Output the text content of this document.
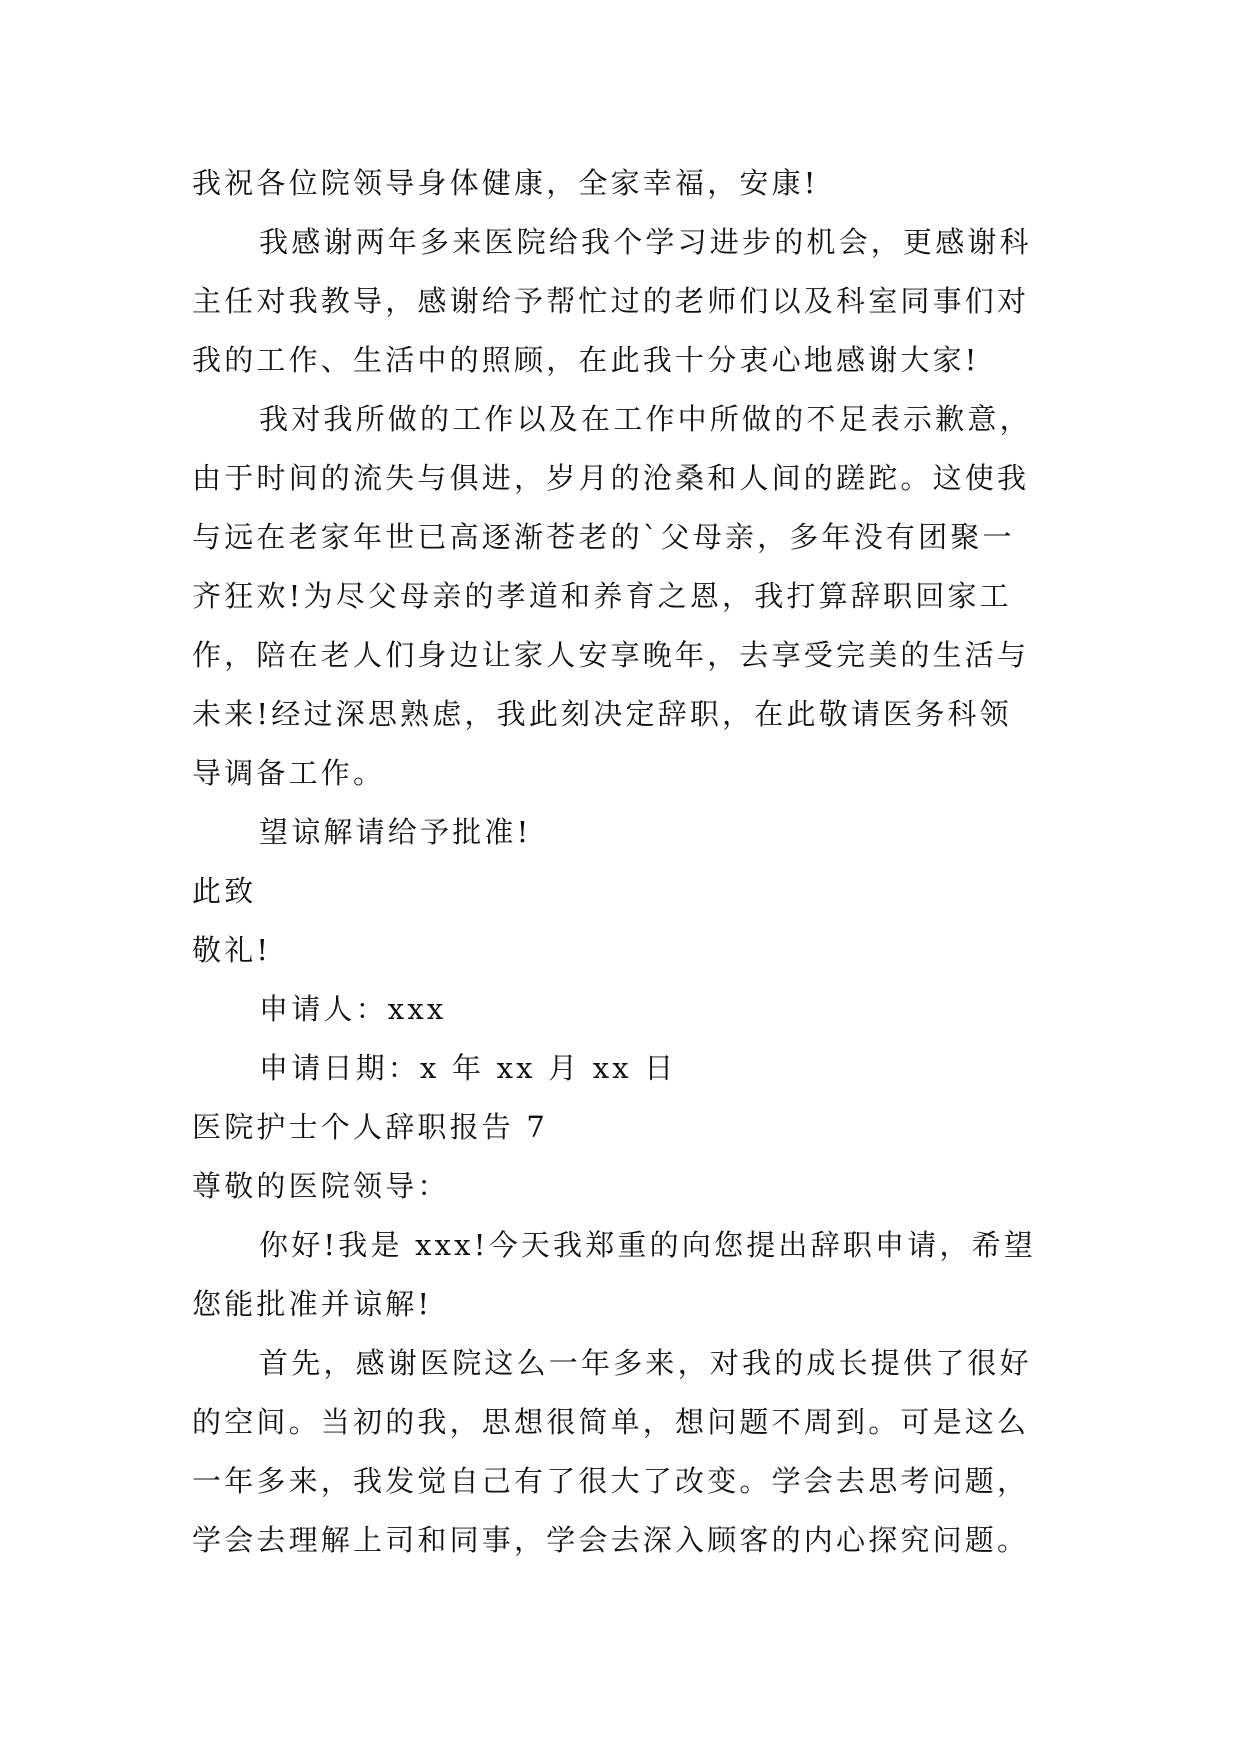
我祝各位院领导身体健康，全家幸福，安康!
我感谢两年多来医院给我个学习进步的机会，更感谢科
主任对我教导，感谢给予帮忙过的老师们以及科室同事们对
我的工作、生活中的照顾，在此我十分衷心地感谢大家!
我对我所做的工作以及在工作中所做的不足表示歉意，
由于时间的流失与俱进，岁月的沧桑和人间的蹉跎。这使我
与远在老家年世已高逐渐苍老的`父母亲，多年没有团聚一
齐狂欢!为尽父母亲的孝道和养育之恩，我打算辞职回家工
作，陪在老人们身边让家人安享晚年，去享受完美的生活与
未来!经过深思熟虑，我此刻决定辞职，在此敬请医务科领
导调备工作。
望谅解请给予批准!
此致
敬礼!
申请人：xxx
申请日期：x 年 xx 月 xx 日
医院护士个人辞职报告 7
尊敬的医院领导：
你好!我是 xxx!今天我郑重的向您提出辞职申请，希望
您能批准并谅解!
首先，感谢医院这么一年多来，对我的成长提供了很好
的空间。当初的我，思想很简单，想问题不周到。可是这么
一年多来，我发觉自己有了很大了改变。学会去思考问题，
学会去理解上司和同事，学会去深入顾客的内心探究问题。
